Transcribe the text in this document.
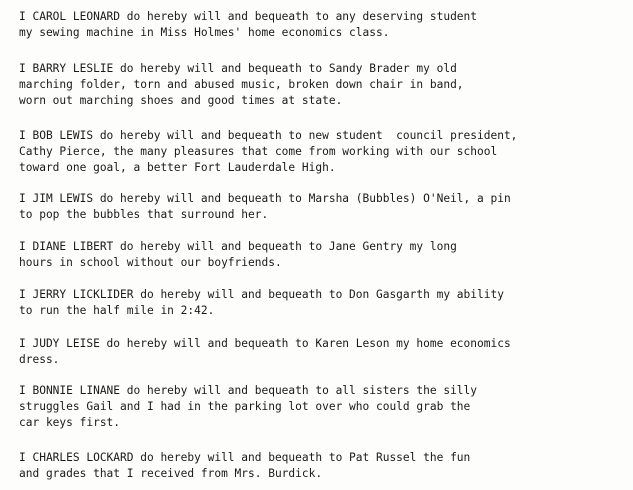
I CAROL LEONARD do hereby will and bequeath to any deserving student

my sewing machine in Miss Holmes' home economics class.

I BARRY LESLIE do hereby will and bequeath to Sandy Brader my old

marching folder, torn and abused music, broken down chair in band,

worn out marching shoes and good times at state.

I BOB LEWIS do hereby will and bequeath to new student  council president,

Cathy Pierce, the many pleasures that come from working with our school

toward one goal, a better Fort Lauderdale High.

I JIM LEWIS do hereby will and bequeath to Marsha (Bubbles) O'Neil, a pin

to pop the bubbles that surround her.

I DIANE LIBERT do hereby will and bequeath to Jane Gentry my long

hours in school without our boyfriends.

I JERRY LICKLIDER do hereby will and bequeath to Don Gasgarth my ability

to run the half mile in 2:42.

I JUDY LEISE do hereby will and bequeath to Karen Leson my home economics

dress.

I BONNIE LINANE do hereby will and bequeath to all sisters the silly

struggles Gail and I had in the parking lot over who could grab the

car keys first.

I CHARLES LOCKARD do hereby will and bequeath to Pat Russel the fun

and grades that I received from Mrs. Burdick.
